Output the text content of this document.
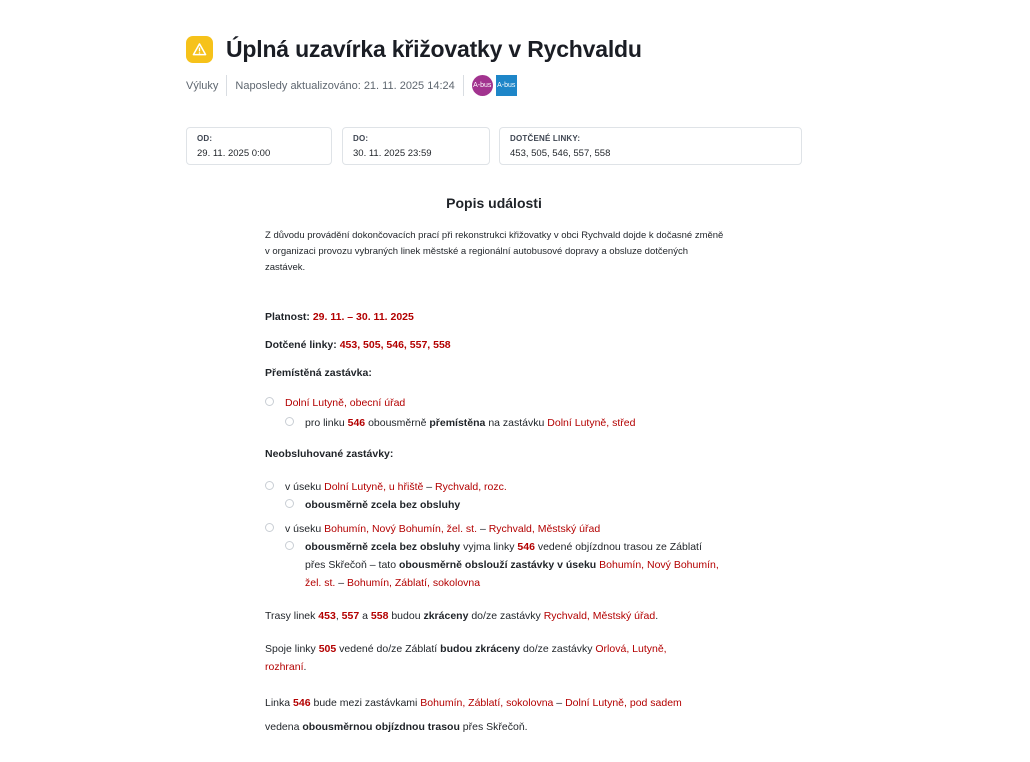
Úplná uzavírka křižovatky v Rychvaldu
Výluky Naposledy aktualizováno: 21. 11. 2025 14:24	A-bus A-bus
OD:
29. 11. 2025 0:00
DO:
30. 11. 2025 23:59
DOTČENÉ LINKY:
453, 505, 546, 557, 558
Popis události

Z důvodu provádění dokončovacích prací při rekonstrukci křižovatky v obci Rychvald dojde k dočasné změně v organizaci provozu vybraných linek městské a regionální autobusové dopravy a obsluze dotčených zastávek.

Platnost: 29. 11. – 30. 11. 2025

Dotčené linky: 453, 505, 546, 557, 558

Přemístěná zastávka:

Dolní Lutyně, obecní úřad
pro linku 546 obousměrně přemístěna na zastávku Dolní Lutyně, střed

Neobsluhované zastávky:

v úseku Dolní Lutyně, u hřiště – Rychvald, rozc.
obousměrně zcela bez obsluhy
v úseku Bohumín, Nový Bohumín, žel. st. – Rychvald, Městský úřad
obousměrně zcela bez obsluhy vyjma linky 546 vedené objízdnou trasou ze Záblatí přes Skřečoň – tato obousměrně obslouží zastávky v úseku Bohumín, Nový Bohumín, žel. st. – Bohumín, Záblatí, sokolovna

Trasy linek 453, 557 a 558 budou zkráceny do/ze zastávky Rychvald, Městský úřad.

Spoje linky 505 vedené do/ze Záblatí budou zkráceny do/ze zastávky Orlová, Lutyně, rozhraní.

Linka 546 bude mezi zastávkami Bohumín, Záblatí, sokolovna – Dolní Lutyně, pod sadem vedena obousměrnou objízdnou trasou přes Skřečoň.
